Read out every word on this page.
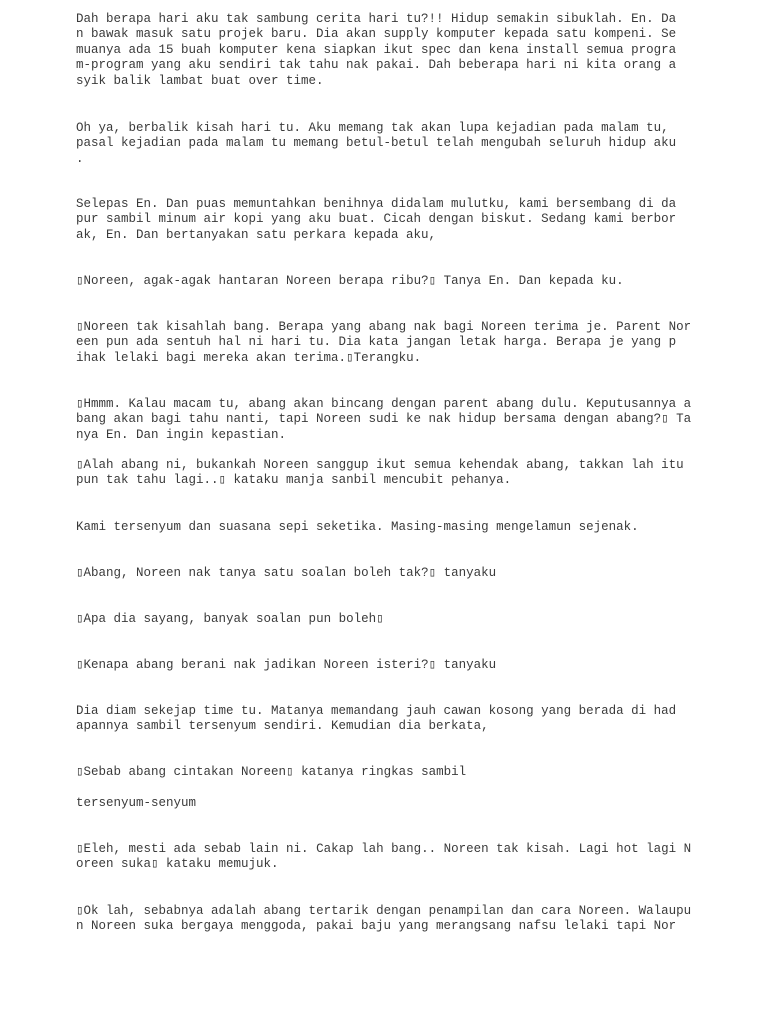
Dah berapa hari aku tak sambung cerita hari tu?!! Hidup semakin sibuklah. En. Da
n bawak masuk satu projek baru. Dia akan supply komputer kepada satu kompeni. Se
muanya ada 15 buah komputer kena siapkan ikut spec dan kena install semua progra
m-program yang aku sendiri tak tahu nak pakai. Dah beberapa hari ni kita orang a
syik balik lambat buat over time.

Oh ya, berbalik kisah hari tu. Aku memang tak akan lupa kejadian pada malam tu,
pasal kejadian pada malam tu memang betul-betul telah mengubah seluruh hidup aku
.

Selepas En. Dan puas memuntahkan benihnya didalam mulutku, kami bersembang di da
pur sambil minum air kopi yang aku buat. Cicah dengan biskut. Sedang kami berbor
ak, En. Dan bertanyakan satu perkara kepada aku,

▯Noreen, agak-agak hantaran Noreen berapa ribu?▯ Tanya En. Dan kepada ku.

▯Noreen tak kisahlah bang. Berapa yang abang nak bagi Noreen terima je. Parent Nor
een pun ada sentuh hal ni hari tu. Dia kata jangan letak harga. Berapa je yang p
ihak lelaki bagi mereka akan terima.▯Terangku.

▯Hmmm. Kalau macam tu, abang akan bincang dengan parent abang dulu. Keputusannya a
bang akan bagi tahu nanti, tapi Noreen sudi ke nak hidup bersama dengan abang?▯ Ta
nya En. Dan ingin kepastian.

▯Alah abang ni, bukankah Noreen sanggup ikut semua kehendak abang, takkan lah itu
pun tak tahu lagi..▯ kataku manja sanbil mencubit pehanya.

Kami tersenyum dan suasana sepi seketika. Masing-masing mengelamun sejenak.

▯Abang, Noreen nak tanya satu soalan boleh tak?▯ tanyaku

▯Apa dia sayang, banyak soalan pun boleh▯

▯Kenapa abang berani nak jadikan Noreen isteri?▯ tanyaku

Dia diam sekejap time tu. Matanya memandang jauh cawan kosong yang berada di had
apannya sambil tersenyum sendiri. Kemudian dia berkata,

▯Sebab abang cintakan Noreen▯ katanya ringkas sambil

tersenyum-senyum

▯Eleh, mesti ada sebab lain ni. Cakap lah bang.. Noreen tak kisah. Lagi hot lagi N
oreen suka▯ kataku memujuk.

▯Ok lah, sebabnya adalah abang tertarik dengan penampilan dan cara Noreen. Walaupu
n Noreen suka bergaya menggoda, pakai baju yang merangsang nafsu lelaki tapi Nor
